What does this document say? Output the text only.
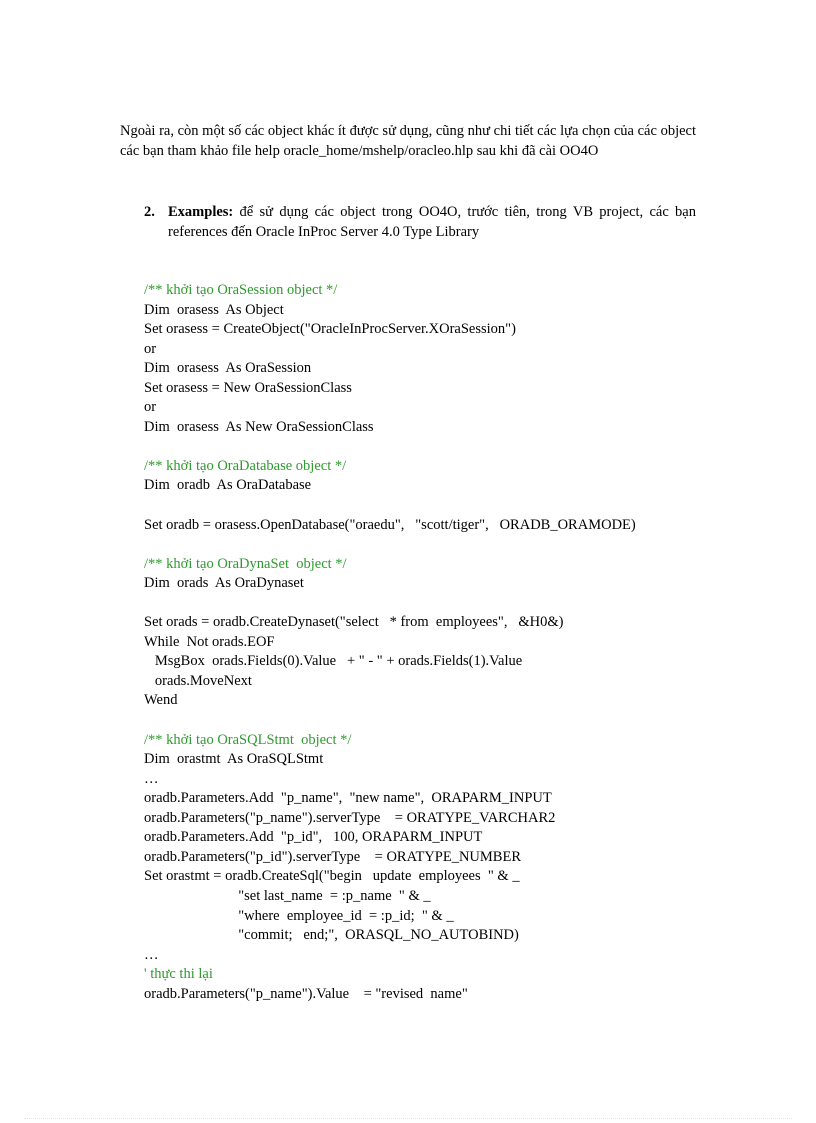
Ngoài ra, còn một số các object khác ít được sử dụng, cũng như chi tiết các lựa chọn của các object các bạn tham khảo file help oracle_home/mshelp/oracleo.hlp sau khi đã cài OO4O
2. Examples: để sử dụng các object trong OO4O, trước tiên, trong VB project, các bạn references đến Oracle InProc Server 4.0 Type Library
/** khởi tạo OraSession object */
Dim  orasess  As Object
Set orasess = CreateObject("OracleInProcServer.XOraSession")
or
Dim  orasess  As OraSession
Set orasess = New OraSessionClass
or
Dim  orasess  As New OraSessionClass

/** khởi tạo OraDatabase object */
Dim  oradb  As OraDatabase

Set oradb = orasess.OpenDatabase("oraedu",   "scott/tiger",   ORADB_ORAMODE)

/** khởi tạo OraDynaSet  object */
Dim  orads  As OraDynaset

Set orads = oradb.CreateDynaset("select   * from  employees",   &H0&)
While  Not orads.EOF
MsgBox  orads.Fields(0).Value   + " - " + orads.Fields(1).Value
orads.MoveNext
Wend

/** khởi tạo OraSQLStmt  object */
Dim  orastmt  As OraSQLStmt
…
oradb.Parameters.Add  "p_name",  "new name",  ORAPARM_INPUT
oradb.Parameters("p_name").serverType    = ORATYPE_VARCHAR2
oradb.Parameters.Add  "p_id",   100, ORAPARM_INPUT
oradb.Parameters("p_id").serverType    = ORATYPE_NUMBER
Set orastmt = oradb.CreateSql("begin   update  employees  " & _
"set last_name  = :p_name  " & _
"where  employee_id  = :p_id;  " & _
"commit;   end;",  ORASQL_NO_AUTOBIND)
…
' thực thi lại
oradb.Parameters("p_name").Value    = "revised  name"
